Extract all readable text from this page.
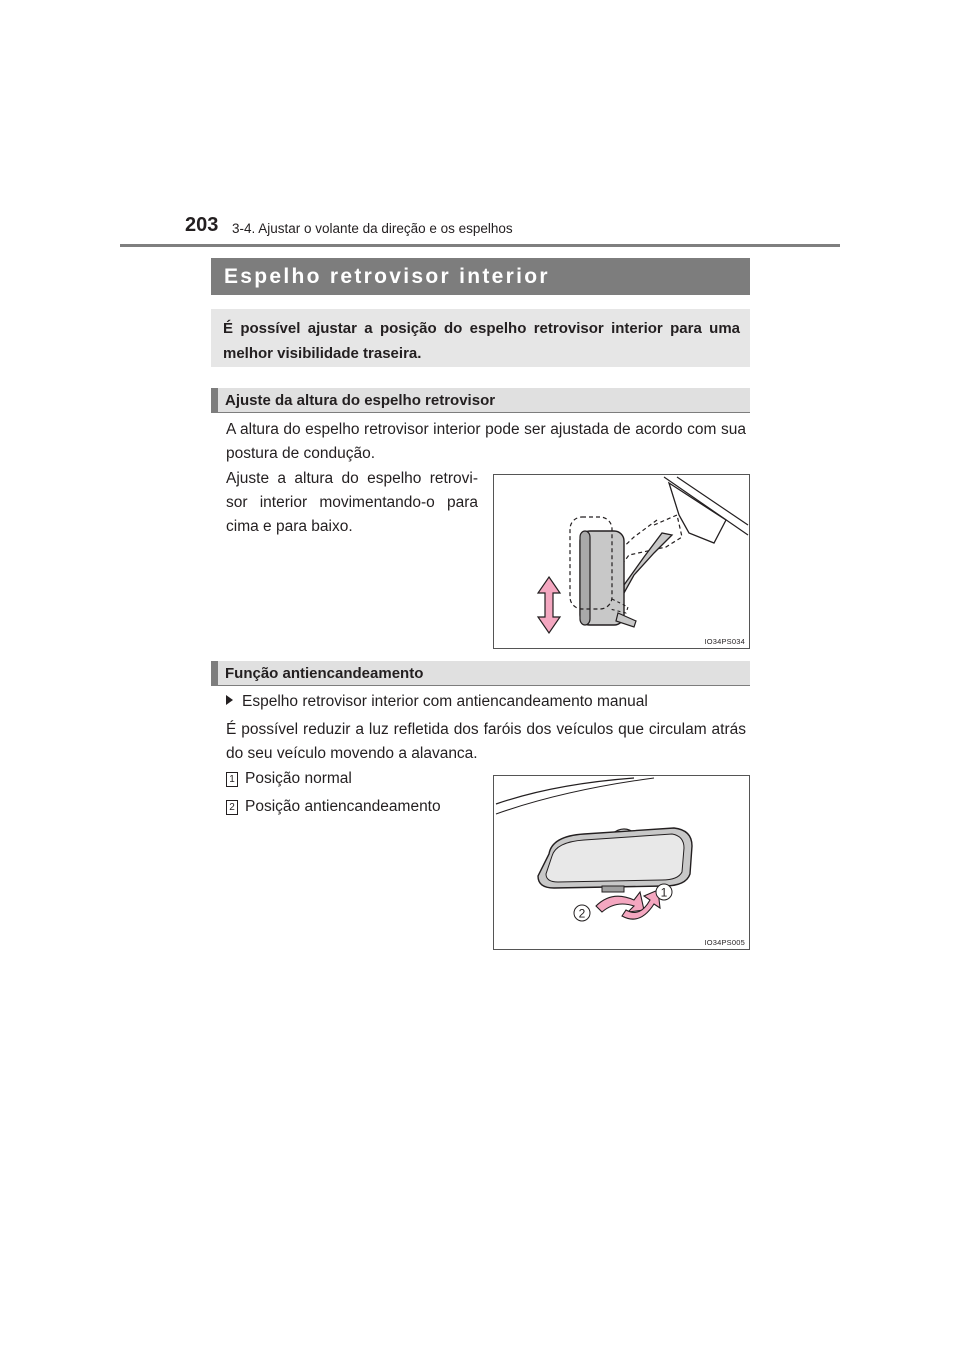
203 3-4. Ajustar o volante da direção e os espelhos
Espelho retrovisor interior
É possível ajustar a posição do espelho retrovisor interior para uma melhor visibilidade traseira.
Ajuste da altura do espelho retrovisor
A altura do espelho retrovisor interior pode ser ajustada de acordo com sua postura de condução.
Ajuste a altura do espelho retrovi-sor interior movimentando-o para cima e para baixo.
IO34PS034
Função antiencandeamento
Espelho retrovisor interior com antiencandeamento manual
É possível reduzir a luz refletida dos faróis dos veículos que circulam atrás do seu veículo movendo a alavanca.
1 Posição normal
2 Posição antiencandeamento
1
2
IO34PS005
